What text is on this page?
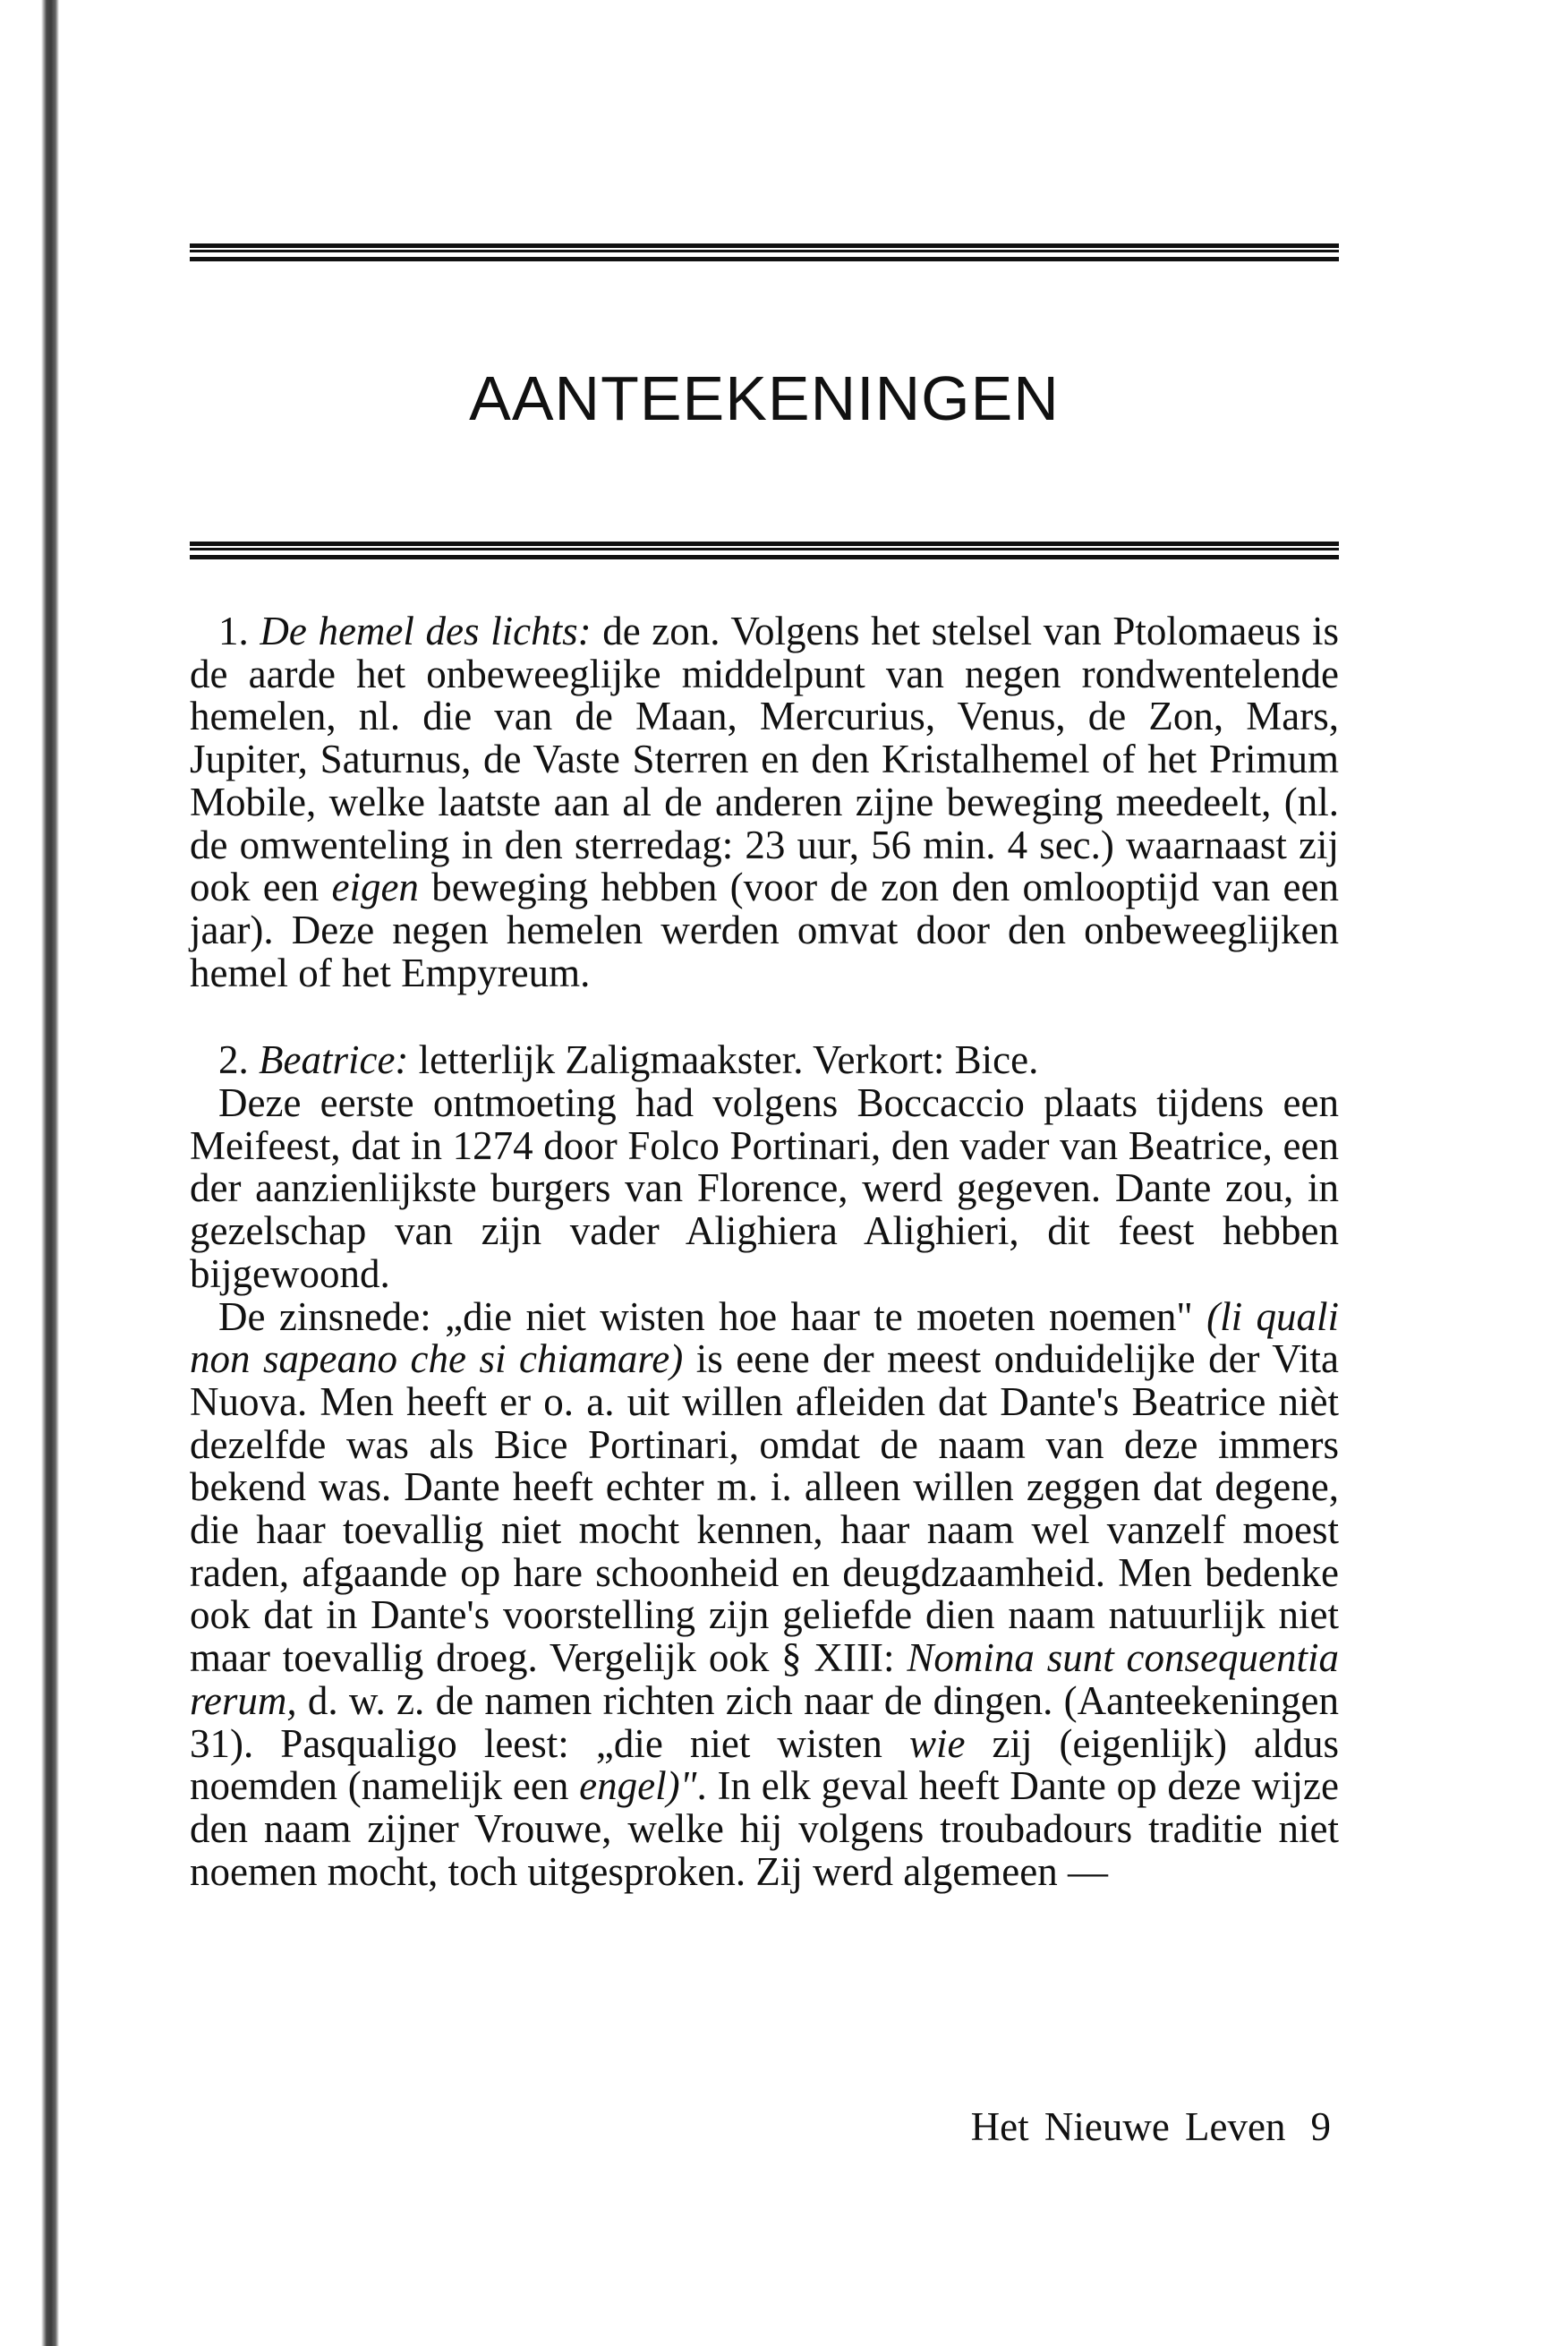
AANTEEKENINGEN

1. De hemel des lichts: de zon. Volgens het stelsel van Ptolomaeus is de aarde het onbeweeglijke middelpunt van negen rondwentelende hemelen, nl. die van de Maan, Mercurius, Venus, de Zon, Mars, Jupiter, Saturnus, de Vaste Sterren en den Kristalhemel of het Primum Mobile, welke laatste aan al de anderen zijne beweging meedeelt, (nl. de omwenteling in den sterredag: 23 uur, 56 min. 4 sec.) waarnaast zij ook een eigen beweging hebben (voor de zon den omlooptijd van een jaar). Deze negen hemelen werden omvat door den onbeweeglijken hemel of het Empyreum.

2. Beatrice: letterlijk Zaligmaakster. Verkort: Bice.

Deze eerste ontmoeting had volgens Boccaccio plaats tijdens een Meifeest, dat in 1274 door Folco Portinari, den vader van Beatrice, een der aanzienlijkste burgers van Florence, werd gegeven. Dante zou, in gezelschap van zijn vader Alighiera Alighieri, dit feest hebben bijgewoond.

De zinsnede: „die niet wisten hoe haar te moeten noemen" (li quali non sapeano che si chiamare) is eene der meest onduidelijke der Vita Nuova. Men heeft er o. a. uit willen afleiden dat Dante's Beatrice nièt dezelfde was als Bice Portinari, omdat de naam van deze immers bekend was. Dante heeft echter m. i. alleen willen zeggen dat degene, die haar toevallig niet mocht kennen, haar naam wel vanzelf moest raden, afgaande op hare schoonheid en deugdzaamheid. Men bedenke ook dat in Dante's voorstelling zijn geliefde dien naam natuurlijk niet maar toevallig droeg. Vergelijk ook § XIII: Nomina sunt consequentia rerum, d. w. z. de namen richten zich naar de dingen. (Aanteekeningen 31). Pasqualigo leest: „die niet wisten wie zij (eigenlijk) aldus noemden (namelijk een engel)". In elk geval heeft Dante op deze wijze den naam zijner Vrouwe, welke hij volgens troubadours traditie niet noemen mocht, toch uitgesproken. Zij werd algemeen —

Het Nieuwe Leven 9
